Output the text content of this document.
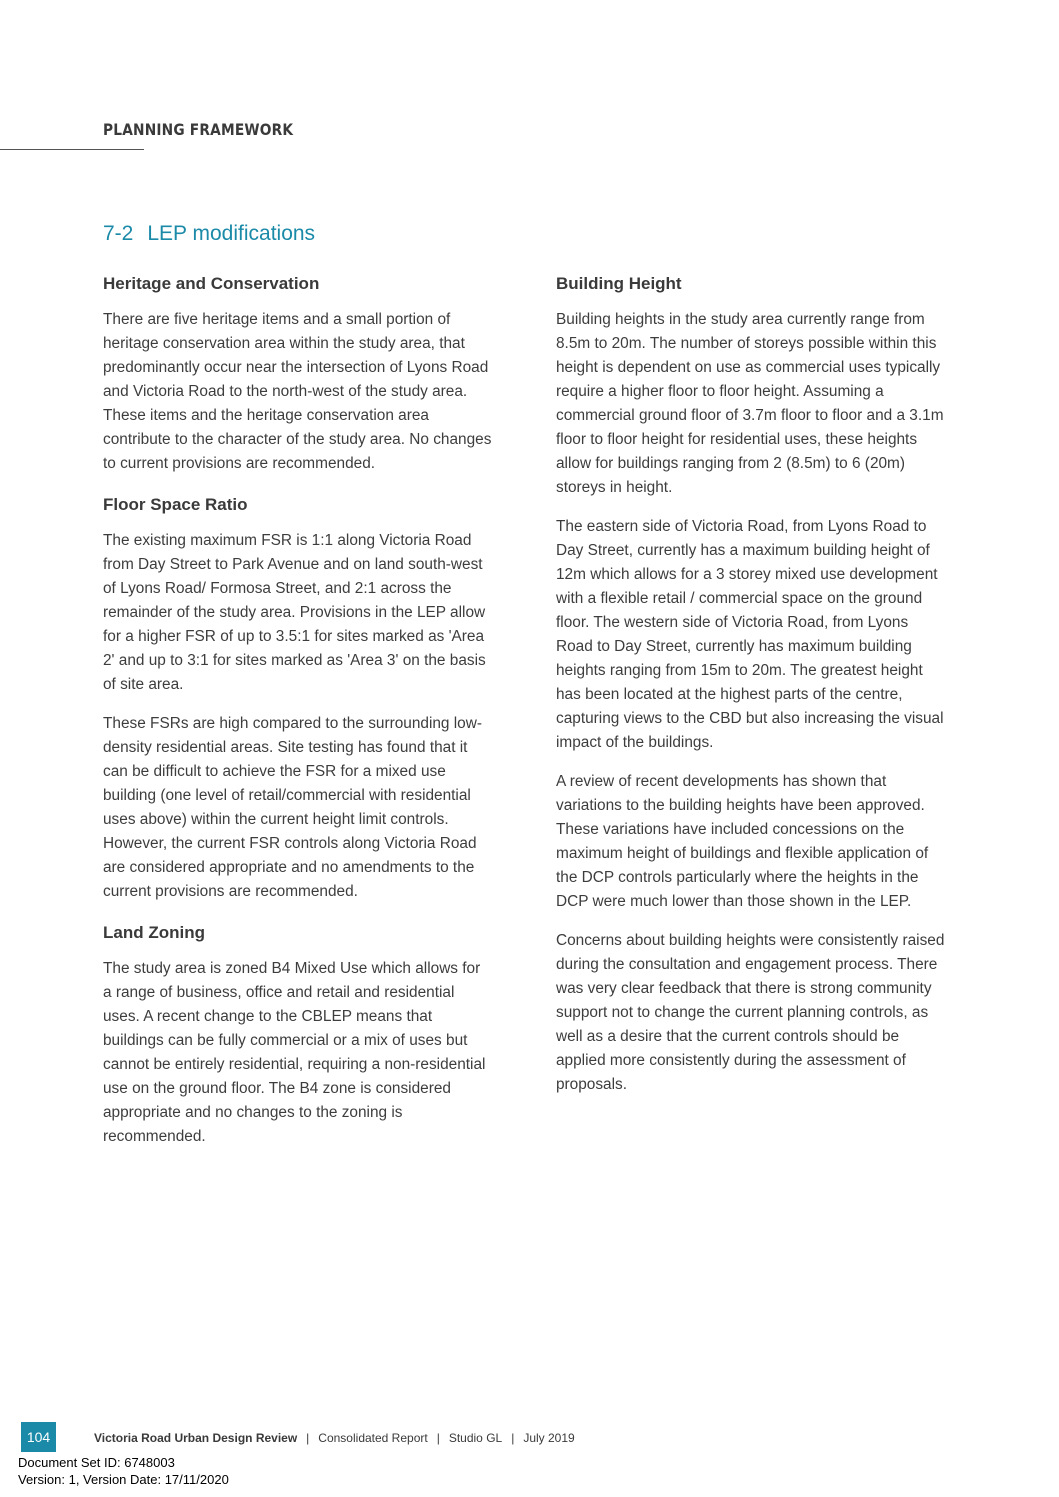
PLANNING FRAMEWORK
7-2 LEP modifications
Heritage and Conservation

There are five heritage items and a small portion of heritage conservation area within the study area, that predominantly occur near the intersection of Lyons Road and Victoria Road to the north-west of the study area. These items and the heritage conservation area contribute to the character of the study area. No changes to current provisions are recommended.

Floor Space Ratio

The existing maximum FSR is 1:1 along Victoria Road from Day Street to Park Avenue and on land south-west of Lyons Road/ Formosa Street, and 2:1 across the remainder of the study area. Provisions in the LEP allow for a higher FSR of up to 3.5:1 for sites marked as 'Area 2' and up to 3:1 for sites marked as 'Area 3' on the basis of site area.

These FSRs are high compared to the surrounding low-density residential areas. Site testing has found that it can be difficult to achieve the FSR for a mixed use building (one level of retail/commercial with residential uses above) within the current height limit controls. However, the current FSR controls along Victoria Road are considered appropriate and no amendments to the current provisions are recommended.

Land Zoning

The study area is zoned B4 Mixed Use which allows for a range of business, office and retail and residential uses. A recent change to the CBLEP means that buildings can be fully commercial or a mix of uses but cannot be entirely residential, requiring a non-residential use on the ground floor. The B4 zone is considered appropriate and no changes to the zoning is recommended.

Building Height

Building heights in the study area currently range from 8.5m to 20m. The number of storeys possible within this height is dependent on use as commercial uses typically require a higher floor to floor height. Assuming a commercial ground floor of 3.7m floor to floor and a 3.1m floor to floor height for residential uses, these heights allow for buildings ranging from 2 (8.5m) to 6 (20m) storeys in height.

The eastern side of Victoria Road, from Lyons Road to Day Street, currently has a maximum building height of 12m which allows for a 3 storey mixed use development with a flexible retail / commercial space on the ground floor. The western side of Victoria Road, from Lyons Road to Day Street, currently has maximum building heights ranging from 15m to 20m. The greatest height has been located at the highest parts of the centre, capturing views to the CBD but also increasing the visual impact of the buildings.

A review of recent developments has shown that variations to the building heights have been approved. These variations have included concessions on the maximum height of buildings and flexible application of the DCP controls particularly where the heights in the DCP were much lower than those shown in the LEP.

Concerns about building heights were consistently raised during the consultation and engagement process. There was very clear feedback that there is strong community support not to change the current planning controls, as well as a desire that the current controls should be applied more consistently during the assessment of proposals.

104	Victoria Road Urban Design Review | Consolidated Report | Studio GL | July 2019
Document Set ID: 6748003
Version: 1, Version Date: 17/11/2020
